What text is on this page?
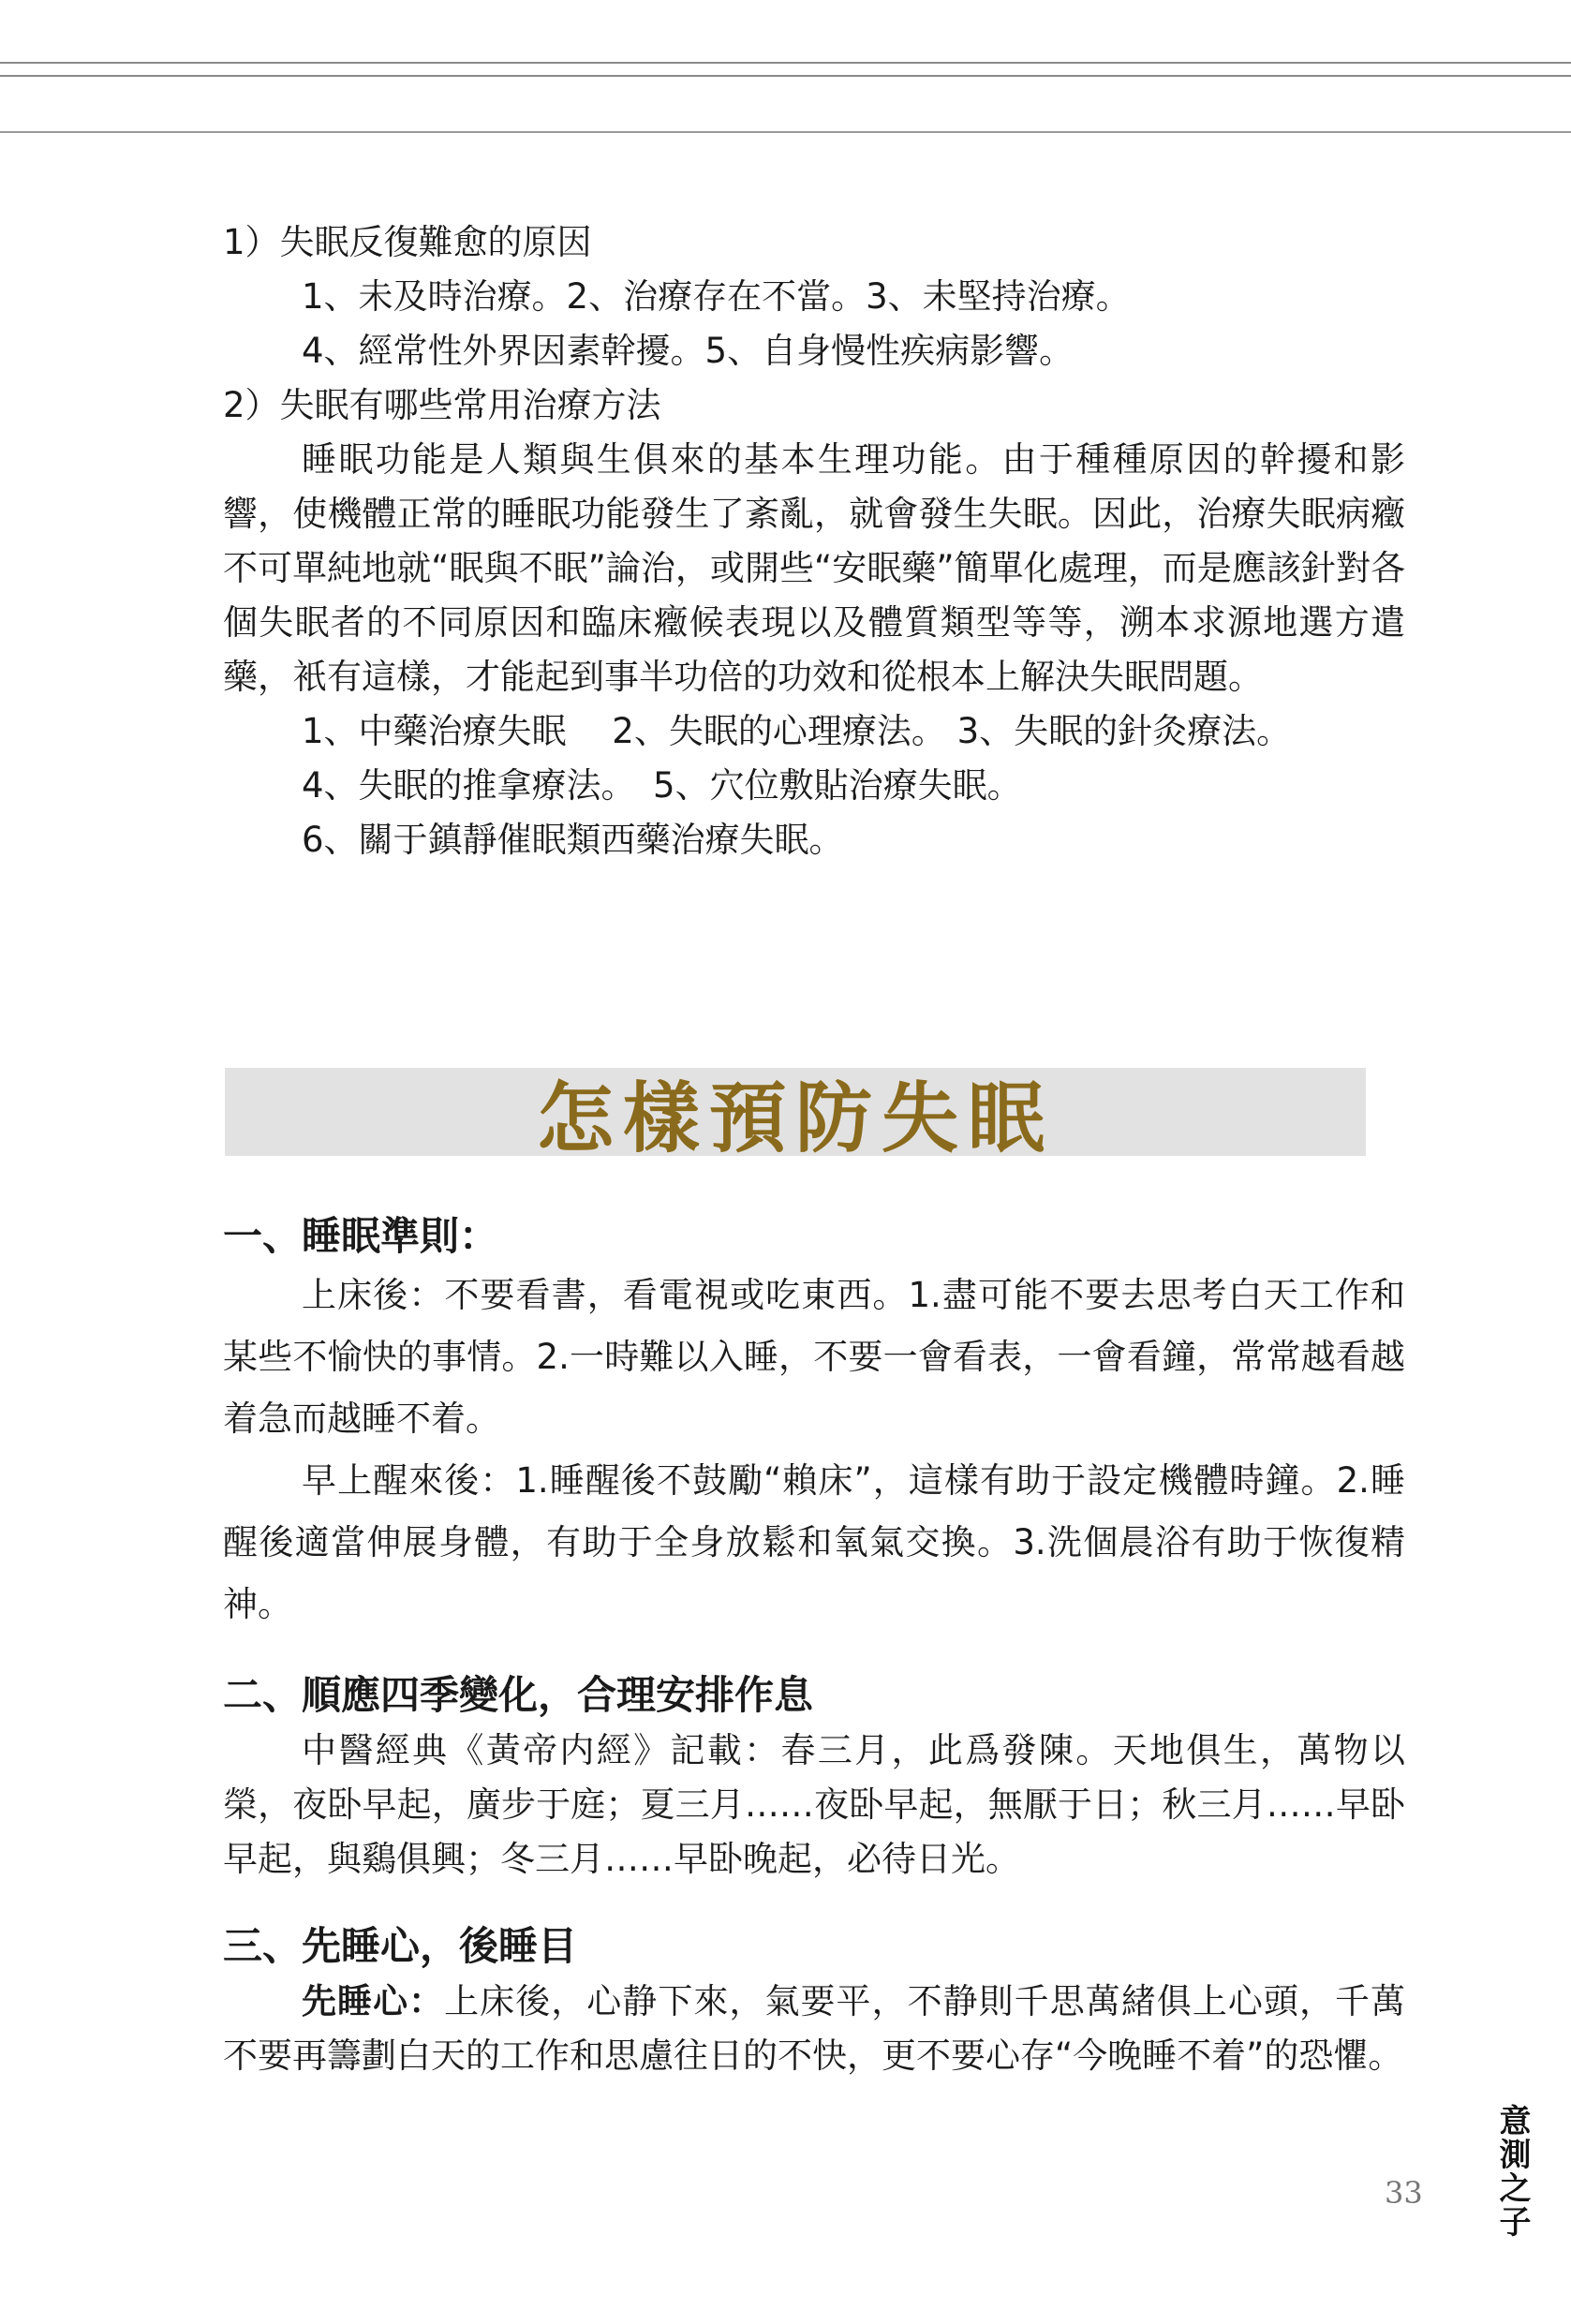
1）失眠反復難愈的原因
1、未及時治療。2、治療存在不當。3、未堅持治療。
4、經常性外界因素幹擾。5、自身慢性疾病影響。
2）失眠有哪些常用治療方法
睡眠功能是人類與生俱來的基本生理功能。由于種種原因的幹擾和影響，使機體正常的睡眠功能發生了紊亂，就會發生失眠。因此，治療失眠病癥不可單純地就“眠與不眠”論治，或開些“安眠藥”簡單化處理，而是應該針對各個失眠者的不同原因和臨床癥候表現以及體質類型等等，溯本求源地選方遣藥，衹有這樣，才能起到事半功倍的功效和從根本上解決失眠問題。
1、中藥治療失眠　 2、失眠的心理療法。 3、失眠的針灸療法。
4、失眠的推拿療法。　5、穴位敷貼治療失眠。
6、關于鎮靜催眠類西藥治療失眠。
怎樣預防失眠
一、睡眠準則：
上床後：不要看書，看電視或吃東西。1.盡可能不要去思考白天工作和某些不愉快的事情。2.一時難以入睡，不要一會看表，一會看鐘，常常越看越着急而越睡不着。
早上醒來後：1.睡醒後不鼓勵“賴床”，這樣有助于設定機體時鐘。2.睡醒後適當伸展身體，有助于全身放鬆和氧氣交換。3.洗個晨浴有助于恢復精神。
二、順應四季變化，合理安排作息
中醫經典《黃帝内經》記載：春三月，此爲發陳。天地俱生，萬物以榮，夜卧早起，廣步于庭；夏三月……夜卧早起，無厭于日；秋三月……早卧早起，與鷄俱興；冬三月……早卧晚起，必待日光。
三、先睡心，後睡目
先睡心：上床後，心静下來，氣要平，不静則千思萬緒俱上心頭，千萬不要再籌劃白天的工作和思慮往日的不快，更不要心存“今晚睡不着”的恐懼。
33 意測之子
